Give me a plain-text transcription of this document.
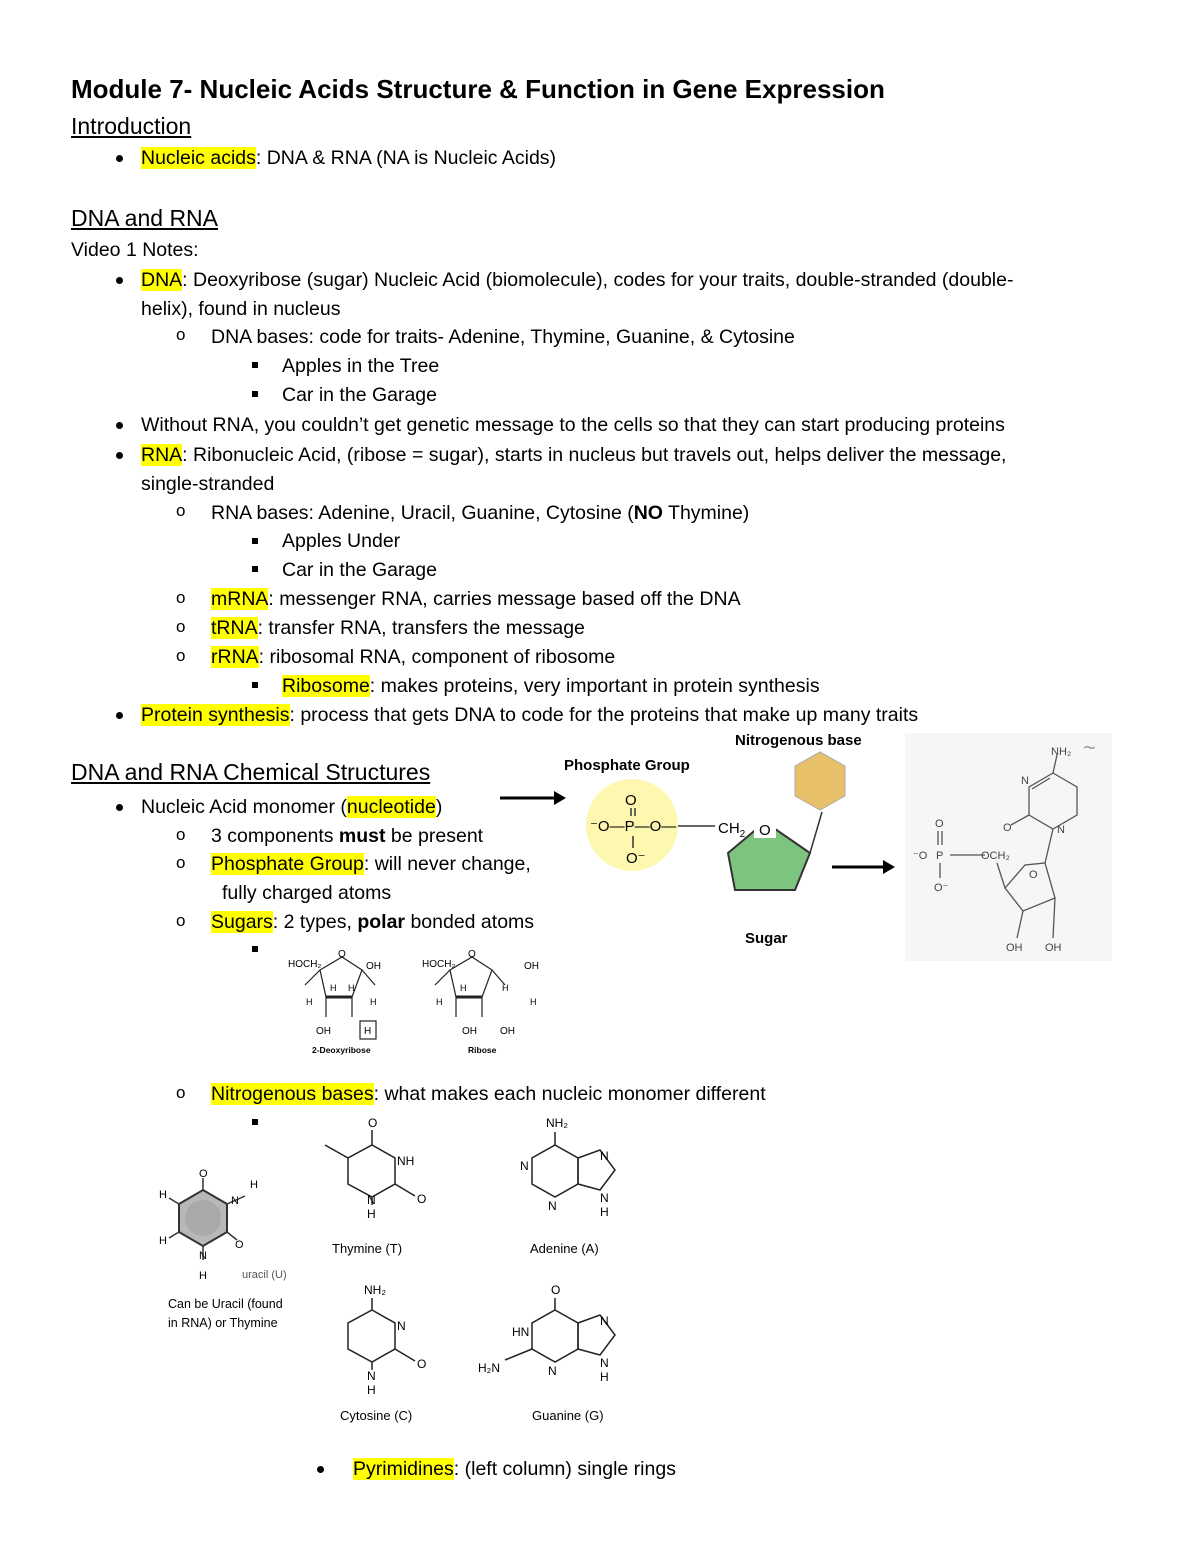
Module 7- Nucleic Acids Structure & Function in Gene Expression
Introduction
Nucleic acids: DNA & RNA (NA is Nucleic Acids)
DNA and RNA
Video 1 Notes:
DNA: Deoxyribose (sugar) Nucleic Acid (biomolecule), codes for your traits, double-stranded (double-
helix), found in nucleus
o DNA bases: code for traits- Adenine, Thymine, Guanine, & Cytosine
Apples in the Tree
Car in the Garage
Without RNA, you couldn’t get genetic message to the cells so that they can start producing proteins
RNA: Ribonucleic Acid, (ribose = sugar), starts in nucleus but travels out, helps deliver the message,
single-stranded
o RNA bases: Adenine, Uracil, Guanine, Cytosine (NO Thymine)
Apples Under
Car in the Garage
o mRNA: messenger RNA, carries message based off the DNA
o tRNA: transfer RNA, transfers the message
o rRNA: ribosomal RNA, component of ribosome
Ribosome: makes proteins, very important in protein synthesis
Protein synthesis: process that gets DNA to code for the proteins that make up many traits
DNA and RNA Chemical Structures
Nucleic Acid monomer (nucleotide)
o 3 components must be present
o Phosphate Group: will never change,
fully charged atoms
o Sugars: 2 types, polar bonded atoms
HOCH₂
O
OH
H H
H	H
OH	H
2-Deoxyribose
HOCH₂
O
OH
H	H
H	H
OH OH
Ribose
o Nitrogenous bases: what makes each nucleic monomer different
Nitrogenous base
Phosphate Group
Sugar
O
⁻O—P—O—
O⁻
$CH_2$ O
NH₂ ~
N
O	N
O
⁻O P	OCH₂
O⁻
O
OH OH
O
N
H
O
N
H
H
H
uracil (U)
Can be Uracil (found
in RNA) or Thymine
O
NH
O
N
H
Thymine (T)
NH₂
N
N
N
N
H
Adenine (A)
NH₂
N
O
N
H
Cytosine (C)
O
HN
H₂N	N
N
N
H
Guanine (G)
Pyrimidines: (left column) single rings
